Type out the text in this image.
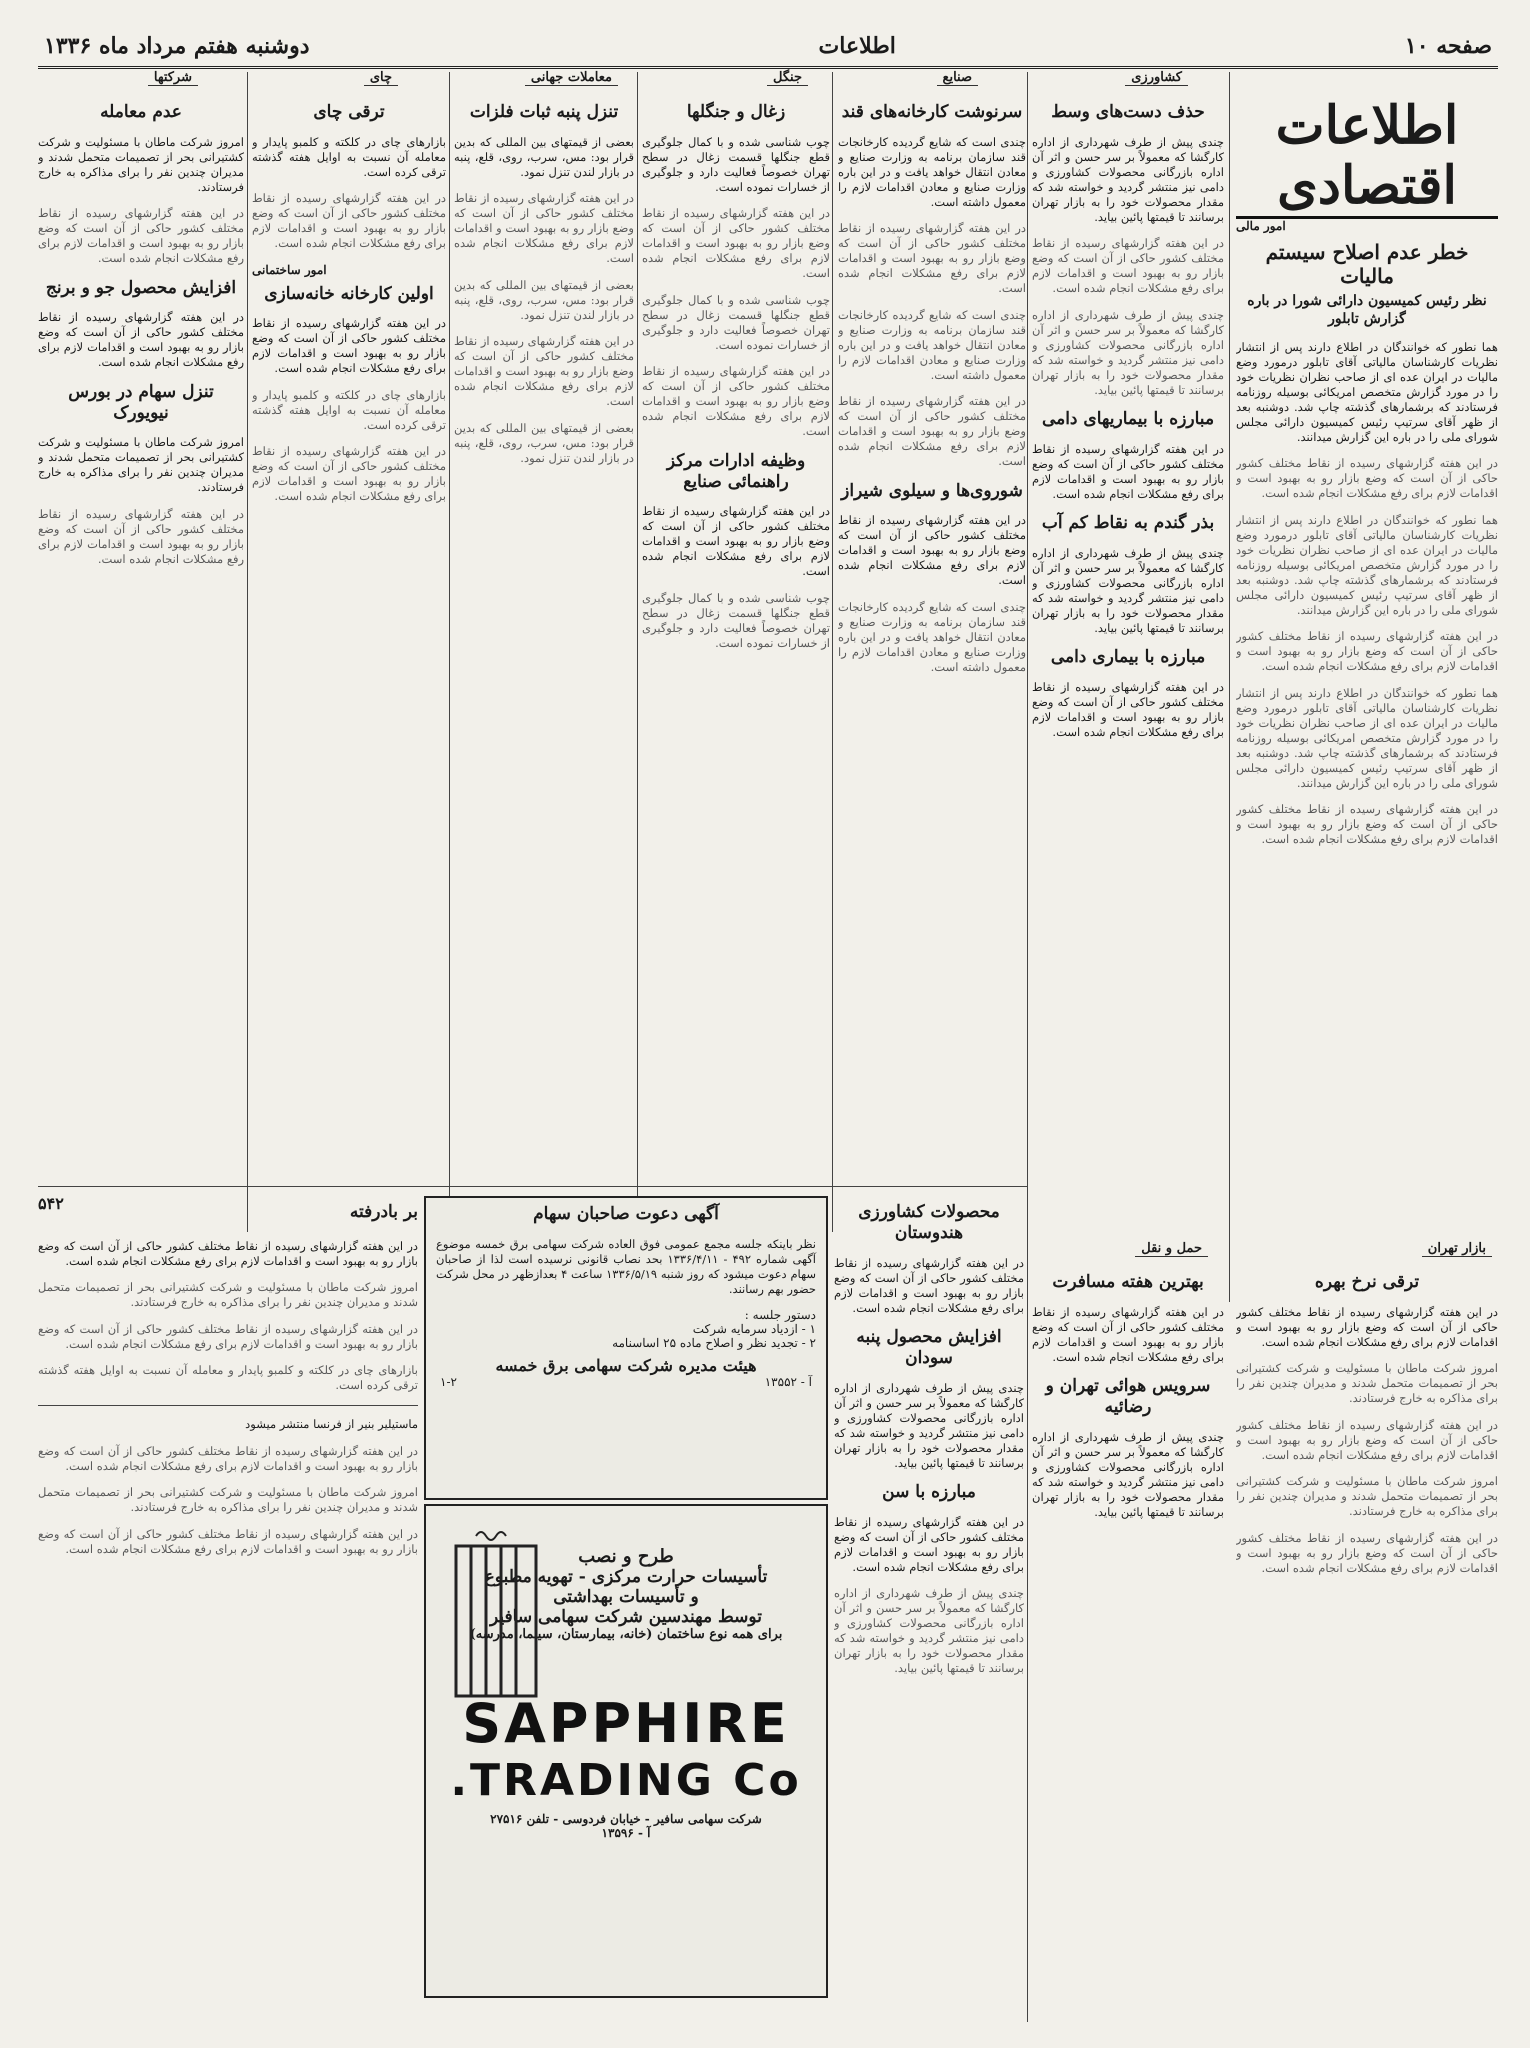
صفحه ۱۰
اطلاعات
دوشنبه هفتم مرداد ماه ۱۳۳۶
کشاورزی
صنایع
جنگل
معاملات جهانی
چای
شرکتها
اطلاعات اقتصادی
امور مالی
خطر عدم اصلاح سیستم مالیات
نظر رئیس کمیسیون دارائی شورا در باره گزارش تابلور

هما نطور که خوانندگان در اطلاع دارند پس از انتشار نظریات کارشناسان مالیاتی آقای تابلور درمورد وضع مالیات در ایران عده ای از صاحب نظران نظریات خود را در مورد گزارش متخصص امریکائی بوسیله روزنامه فرستادند که برشمارهای گذشته چاپ شد. دوشنبه بعد از ظهر آقای سرتیپ رئیس کمیسیون دارائی مجلس شورای ملی را در باره این گزارش میدانند.

در این هفته گزارشهای رسیده از نقاط مختلف کشور حاکی از آن است که وضع بازار رو به بهبود است و اقدامات لازم برای رفع مشکلات انجام شده است.

هما نطور که خوانندگان در اطلاع دارند پس از انتشار نظریات کارشناسان مالیاتی آقای تابلور درمورد وضع مالیات در ایران عده ای از صاحب نظران نظریات خود را در مورد گزارش متخصص امریکائی بوسیله روزنامه فرستادند که برشمارهای گذشته چاپ شد. دوشنبه بعد از ظهر آقای سرتیپ رئیس کمیسیون دارائی مجلس شورای ملی را در باره این گزارش میدانند.

در این هفته گزارشهای رسیده از نقاط مختلف کشور حاکی از آن است که وضع بازار رو به بهبود است و اقدامات لازم برای رفع مشکلات انجام شده است.

هما نطور که خوانندگان در اطلاع دارند پس از انتشار نظریات کارشناسان مالیاتی آقای تابلور درمورد وضع مالیات در ایران عده ای از صاحب نظران نظریات خود را در مورد گزارش متخصص امریکائی بوسیله روزنامه فرستادند که برشمارهای گذشته چاپ شد. دوشنبه بعد از ظهر آقای سرتیپ رئیس کمیسیون دارائی مجلس شورای ملی را در باره این گزارش میدانند.

در این هفته گزارشهای رسیده از نقاط مختلف کشور حاکی از آن است که وضع بازار رو به بهبود است و اقدامات لازم برای رفع مشکلات انجام شده است.

حذف دست‌های وسط

چندی پیش از طرف شهرداری از اداره کارگشا که معمولاً بر سر حسن و اثر آن اداره بازرگانی محصولات کشاورزی و دامی نیز منتشر گردید و خواسته شد که مقدار محصولات خود را به بازار تهران برسانند تا قیمتها پائین بیاید.

در این هفته گزارشهای رسیده از نقاط مختلف کشور حاکی از آن است که وضع بازار رو به بهبود است و اقدامات لازم برای رفع مشکلات انجام شده است.

چندی پیش از طرف شهرداری از اداره کارگشا که معمولاً بر سر حسن و اثر آن اداره بازرگانی محصولات کشاورزی و دامی نیز منتشر گردید و خواسته شد که مقدار محصولات خود را به بازار تهران برسانند تا قیمتها پائین بیاید.

مبارزه با بیماریهای دامی

در این هفته گزارشهای رسیده از نقاط مختلف کشور حاکی از آن است که وضع بازار رو به بهبود است و اقدامات لازم برای رفع مشکلات انجام شده است.

بذر گندم به نقاط کم آب

چندی پیش از طرف شهرداری از اداره کارگشا که معمولاً بر سر حسن و اثر آن اداره بازرگانی محصولات کشاورزی و دامی نیز منتشر گردید و خواسته شد که مقدار محصولات خود را به بازار تهران برسانند تا قیمتها پائین بیاید.

مبارزه با بیماری دامی

در این هفته گزارشهای رسیده از نقاط مختلف کشور حاکی از آن است که وضع بازار رو به بهبود است و اقدامات لازم برای رفع مشکلات انجام شده است.

سرنوشت کارخانه‌های قند

چندی است که شایع گردیده کارخانجات قند سازمان برنامه به وزارت صنایع و معادن انتقال خواهد یافت و در این باره وزارت صنایع و معادن اقدامات لازم را معمول داشته است.

در این هفته گزارشهای رسیده از نقاط مختلف کشور حاکی از آن است که وضع بازار رو به بهبود است و اقدامات لازم برای رفع مشکلات انجام شده است.

چندی است که شایع گردیده کارخانجات قند سازمان برنامه به وزارت صنایع و معادن انتقال خواهد یافت و در این باره وزارت صنایع و معادن اقدامات لازم را معمول داشته است.

در این هفته گزارشهای رسیده از نقاط مختلف کشور حاکی از آن است که وضع بازار رو به بهبود است و اقدامات لازم برای رفع مشکلات انجام شده است.

شوروی‌ها و سیلوی شیراز

در این هفته گزارشهای رسیده از نقاط مختلف کشور حاکی از آن است که وضع بازار رو به بهبود است و اقدامات لازم برای رفع مشکلات انجام شده است.

چندی است که شایع گردیده کارخانجات قند سازمان برنامه به وزارت صنایع و معادن انتقال خواهد یافت و در این باره وزارت صنایع و معادن اقدامات لازم را معمول داشته است.

زغال و جنگلها

چوب شناسی شده و با کمال جلوگیری قطع جنگلها قسمت زغال در سطح تهران خصوصاً فعالیت دارد و جلوگیری از خسارات نموده است.

در این هفته گزارشهای رسیده از نقاط مختلف کشور حاکی از آن است که وضع بازار رو به بهبود است و اقدامات لازم برای رفع مشکلات انجام شده است.

چوب شناسی شده و با کمال جلوگیری قطع جنگلها قسمت زغال در سطح تهران خصوصاً فعالیت دارد و جلوگیری از خسارات نموده است.

در این هفته گزارشهای رسیده از نقاط مختلف کشور حاکی از آن است که وضع بازار رو به بهبود است و اقدامات لازم برای رفع مشکلات انجام شده است.

وظیفه ادارات مرکز راهنمائی صنایع

در این هفته گزارشهای رسیده از نقاط مختلف کشور حاکی از آن است که وضع بازار رو به بهبود است و اقدامات لازم برای رفع مشکلات انجام شده است.

چوب شناسی شده و با کمال جلوگیری قطع جنگلها قسمت زغال در سطح تهران خصوصاً فعالیت دارد و جلوگیری از خسارات نموده است.

تنزل پنبه ثبات فلزات

بعضی از قیمتهای بین المللی که بدین قرار بود: مس، سرب، روی، قلع، پنبه در بازار لندن تنزل نمود.

در این هفته گزارشهای رسیده از نقاط مختلف کشور حاکی از آن است که وضع بازار رو به بهبود است و اقدامات لازم برای رفع مشکلات انجام شده است.

بعضی از قیمتهای بین المللی که بدین قرار بود: مس، سرب، روی، قلع، پنبه در بازار لندن تنزل نمود.

در این هفته گزارشهای رسیده از نقاط مختلف کشور حاکی از آن است که وضع بازار رو به بهبود است و اقدامات لازم برای رفع مشکلات انجام شده است.

بعضی از قیمتهای بین المللی که بدین قرار بود: مس، سرب، روی، قلع، پنبه در بازار لندن تنزل نمود.

ترقی چای

بازارهای چای در کلکته و کلمبو پایدار و معامله آن نسبت به اوایل هفته گذشته ترقی کرده است.

در این هفته گزارشهای رسیده از نقاط مختلف کشور حاکی از آن است که وضع بازار رو به بهبود است و اقدامات لازم برای رفع مشکلات انجام شده است.

امور ساختمانی
اولین کارخانه خانه‌سازی

در این هفته گزارشهای رسیده از نقاط مختلف کشور حاکی از آن است که وضع بازار رو به بهبود است و اقدامات لازم برای رفع مشکلات انجام شده است.

بازارهای چای در کلکته و کلمبو پایدار و معامله آن نسبت به اوایل هفته گذشته ترقی کرده است.

در این هفته گزارشهای رسیده از نقاط مختلف کشور حاکی از آن است که وضع بازار رو به بهبود است و اقدامات لازم برای رفع مشکلات انجام شده است.

عدم معامله

امروز شرکت ماطان با مسئولیت و شرکت کشتیرانی بحر از تصمیمات متحمل شدند و مدیران چندین نفر را برای مذاکره به خارج فرستادند.

در این هفته گزارشهای رسیده از نقاط مختلف کشور حاکی از آن است که وضع بازار رو به بهبود است و اقدامات لازم برای رفع مشکلات انجام شده است.

افزایش محصول جو و برنج

در این هفته گزارشهای رسیده از نقاط مختلف کشور حاکی از آن است که وضع بازار رو به بهبود است و اقدامات لازم برای رفع مشکلات انجام شده است.

تنزل سهام در بورس نیویورک

امروز شرکت ماطان با مسئولیت و شرکت کشتیرانی بحر از تصمیمات متحمل شدند و مدیران چندین نفر را برای مذاکره به خارج فرستادند.

در این هفته گزارشهای رسیده از نقاط مختلف کشور حاکی از آن است که وضع بازار رو به بهبود است و اقدامات لازم برای رفع مشکلات انجام شده است.

بازار تهران
ترقی نرخ بهره

در این هفته گزارشهای رسیده از نقاط مختلف کشور حاکی از آن است که وضع بازار رو به بهبود است و اقدامات لازم برای رفع مشکلات انجام شده است.

امروز شرکت ماطان با مسئولیت و شرکت کشتیرانی بحر از تصمیمات متحمل شدند و مدیران چندین نفر را برای مذاکره به خارج فرستادند.

در این هفته گزارشهای رسیده از نقاط مختلف کشور حاکی از آن است که وضع بازار رو به بهبود است و اقدامات لازم برای رفع مشکلات انجام شده است.

امروز شرکت ماطان با مسئولیت و شرکت کشتیرانی بحر از تصمیمات متحمل شدند و مدیران چندین نفر را برای مذاکره به خارج فرستادند.

در این هفته گزارشهای رسیده از نقاط مختلف کشور حاکی از آن است که وضع بازار رو به بهبود است و اقدامات لازم برای رفع مشکلات انجام شده است.

حمل و نقل
بهترین هفته مسافرت

در این هفته گزارشهای رسیده از نقاط مختلف کشور حاکی از آن است که وضع بازار رو به بهبود است و اقدامات لازم برای رفع مشکلات انجام شده است.

سرویس هوائی تهران و رضائیه

چندی پیش از طرف شهرداری از اداره کارگشا که معمولاً بر سر حسن و اثر آن اداره بازرگانی محصولات کشاورزی و دامی نیز منتشر گردید و خواسته شد که مقدار محصولات خود را به بازار تهران برسانند تا قیمتها پائین بیاید.

محصولات کشاورزی هندوستان

در این هفته گزارشهای رسیده از نقاط مختلف کشور حاکی از آن است که وضع بازار رو به بهبود است و اقدامات لازم برای رفع مشکلات انجام شده است.

افزایش محصول پنبه سودان

چندی پیش از طرف شهرداری از اداره کارگشا که معمولاً بر سر حسن و اثر آن اداره بازرگانی محصولات کشاورزی و دامی نیز منتشر گردید و خواسته شد که مقدار محصولات خود را به بازار تهران برسانند تا قیمتها پائین بیاید.

مبارزه با سن

در این هفته گزارشهای رسیده از نقاط مختلف کشور حاکی از آن است که وضع بازار رو به بهبود است و اقدامات لازم برای رفع مشکلات انجام شده است.

چندی پیش از طرف شهرداری از اداره کارگشا که معمولاً بر سر حسن و اثر آن اداره بازرگانی محصولات کشاورزی و دامی نیز منتشر گردید و خواسته شد که مقدار محصولات خود را به بازار تهران برسانند تا قیمتها پائین بیاید.

آگهی دعوت صاحبان سهام

نظر باینکه جلسه مجمع عمومی فوق العاده شرکت سهامی برق خمسه موضوع آگهی شماره ۴۹۲ - ۱۳۳۶/۴/۱۱ بحد نصاب قانونی نرسیده است لذا از صاحبان سهام دعوت میشود که روز شنبه ۱۳۳۶/۵/۱۹ ساعت ۴ بعدازظهر در محل شرکت حضور بهم رسانند.

دستور جلسه :
۱ - ازدیاد سرمایه شرکت
۲ - تجدید نظر و اصلاح ماده ۲۵ اساسنامه
هیئت مدیره شرکت سهامی برق خمسه
آ - ۱۳۵۵۲
۱-۲
طرح و نصب
تأسیسات حرارت مرکزی - تهویه مطبوع
و تأسیسات بهداشتی
توسط مهندسین شرکت سهامی سافیر
برای همه نوع ساختمان (خانه، بیمارستان، سینما، مدرسه)
SAPPHIRE
TRADING Co.
شرکت سهامی سافیر - خیابان فردوسی - تلفن ۲۷۵۱۶
آ - ۱۳۵۹۶
بر بادرفته
۵۴۲

در این هفته گزارشهای رسیده از نقاط مختلف کشور حاکی از آن است که وضع بازار رو به بهبود است و اقدامات لازم برای رفع مشکلات انجام شده است.

امروز شرکت ماطان با مسئولیت و شرکت کشتیرانی بحر از تصمیمات متحمل شدند و مدیران چندین نفر را برای مذاکره به خارج فرستادند.

در این هفته گزارشهای رسیده از نقاط مختلف کشور حاکی از آن است که وضع بازار رو به بهبود است و اقدامات لازم برای رفع مشکلات انجام شده است.

بازارهای چای در کلکته و کلمبو پایدار و معامله آن نسبت به اوایل هفته گذشته ترقی کرده است.

ماستیلیر بنیر از فرنسا منتشر میشود

در این هفته گزارشهای رسیده از نقاط مختلف کشور حاکی از آن است که وضع بازار رو به بهبود است و اقدامات لازم برای رفع مشکلات انجام شده است.

امروز شرکت ماطان با مسئولیت و شرکت کشتیرانی بحر از تصمیمات متحمل شدند و مدیران چندین نفر را برای مذاکره به خارج فرستادند.

در این هفته گزارشهای رسیده از نقاط مختلف کشور حاکی از آن است که وضع بازار رو به بهبود است و اقدامات لازم برای رفع مشکلات انجام شده است.
